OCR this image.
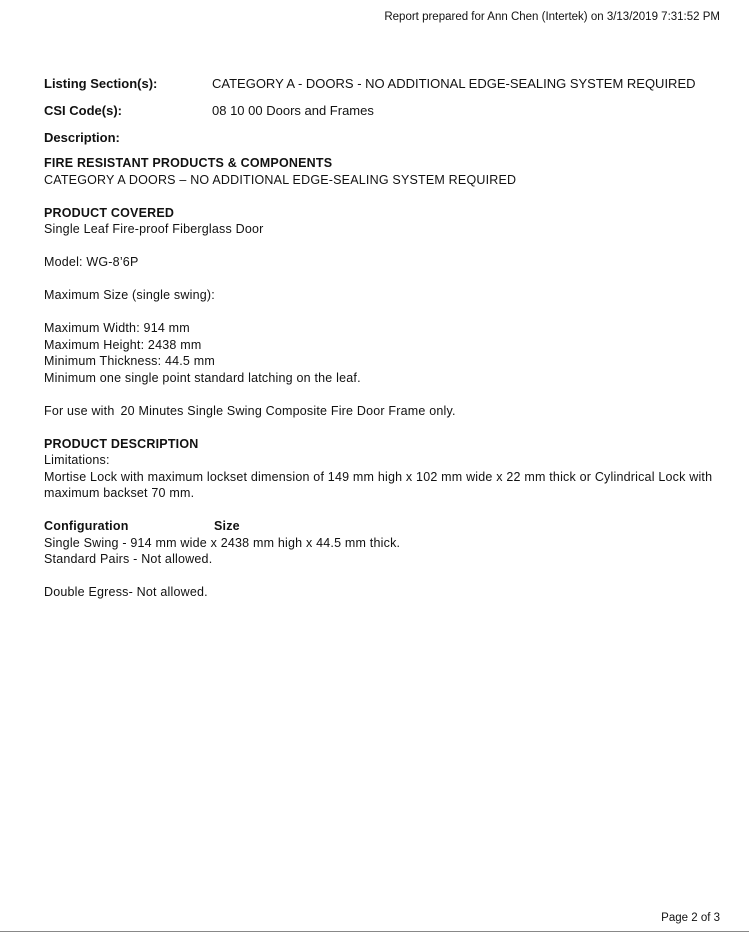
Report prepared for Ann Chen (Intertek) on 3/13/2019 7:31:52 PM
Listing Section(s):	CATEGORY A - DOORS - NO ADDITIONAL EDGE-SEALING SYSTEM REQUIRED
CSI Code(s):	08 10 00 Doors and Frames
Description:

FIRE RESISTANT PRODUCTS & COMPONENTS

CATEGORY A DOORS – NO ADDITIONAL EDGE-SEALING SYSTEM REQUIRED

PRODUCT COVERED

Single Leaf Fire-proof Fiberglass Door

Model: WG-8’6P

Maximum Size (single swing):

Maximum Width: 914 mm

Maximum Height: 2438 mm

Minimum Thickness: 44.5 mm

Minimum one single point standard latching on the leaf.

For use with 20 Minutes Single Swing Composite Fire Door Frame only.

PRODUCT DESCRIPTION

Limitations:

Mortise Lock with maximum lockset dimension of 149 mm high x 102 mm wide x 22 mm thick or Cylindrical Lock with maximum backset 70 mm.

Configuration	Size

Single Swing - 914 mm wide x 2438 mm high x 44.5 mm thick.

Standard Pairs - Not allowed.

Double Egress- Not allowed.

Page 2 of 3
